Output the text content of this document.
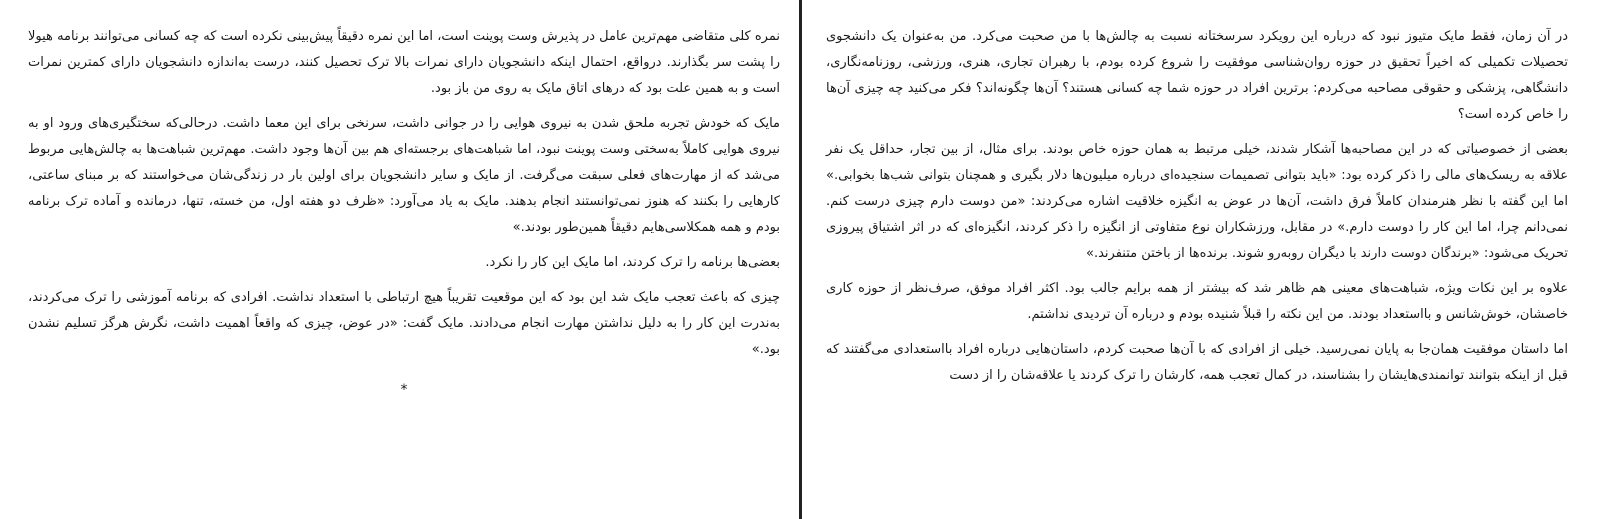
نمره کلی متقاضی مهم‌ترین عامل در پذیرش وست پوینت است، اما این نمره دقیقاً پیش‌بینی نکرده است که چه کسانی می‌توانند برنامه هیولا را پشت سر بگذارند. درواقع، احتمال اینکه دانشجویان دارای نمرات بالا ترک تحصیل کنند، درست به‌اندازه دانشجویان دارای کمترین نمرات است و به همین علت بود که درهای اتاق مایک به روی من باز بود.

مایک که خودش تجربه ملحق شدن به نیروی هوایی را در جوانی داشت، سرنخی برای این معما داشت. درحالی‌که سختگیری‌های ورود او به نیروی هوایی کاملاً به‌سختی وست پوینت نبود، اما شباهت‌های برجسته‌ای هم بین آن‌ها وجود داشت. مهم‌ترین شباهت‌ها به چالش‌هایی مربوط می‌شد که از مهارت‌های فعلی سبقت می‌گرفت. از مایک و سایر دانشجویان برای اولین بار در زندگی‌شان می‌خواستند که بر مبنای ساعتی، کارهایی را بکنند که هنوز نمی‌توانستند انجام بدهند. مایک به یاد می‌آورد: «ظرف دو هفته اول، من خسته، تنها، درمانده و آماده ترک برنامه بودم و همه همکلاسی‌هایم دقیقاً همین‌طور بودند.»

بعضی‌ها برنامه را ترک کردند، اما مایک این کار را نکرد.

چیزی که باعث تعجب مایک شد این بود که این موقعیت تقریباً هیچ ارتباطی با استعداد نداشت. افرادی که برنامه آموزشی را ترک می‌کردند، به‌ندرت این کار را به دلیل نداشتن مهارت انجام می‌دادند. مایک گفت: «در عوض، چیزی که واقعاً اهمیت داشت، نگرش هرگز تسلیم نشدن بود.»

*

در آن زمان، فقط مایک متیوز نبود که درباره این رویکرد سرسختانه نسبت به چالش‌ها با من صحبت می‌کرد. من به‌عنوان یک دانشجوی تحصیلات تکمیلی که اخیراً تحقیق در حوزه روان‌شناسی موفقیت را شروع کرده بودم، با رهبران تجاری، هنری، ورزشی، روزنامه‌نگاری، دانشگاهی، پزشکی و حقوقی مصاحبه می‌کردم: برترین افراد در حوزه شما چه کسانی هستند؟ آن‌ها چگونه‌اند؟ فکر می‌کنید چه چیزی آن‌ها را خاص کرده است؟

بعضی از خصوصیاتی که در این مصاحبه‌ها آشکار شدند، خیلی مرتبط به همان حوزه خاص بودند. برای مثال، از بین تجار، حداقل یک نفر علاقه به ریسک‌های مالی را ذکر کرده بود: «باید بتوانی تصمیمات سنجیده‌ای درباره میلیون‌ها دلار بگیری و همچنان بتوانی شب‌ها بخوابی.» اما این گفته با نظر هنرمندان کاملاً فرق داشت، آن‌ها در عوض به انگیزه خلاقیت اشاره می‌کردند: «من دوست دارم چیزی درست کنم. نمی‌دانم چرا، اما این کار را دوست دارم.» در مقابل، ورزشکاران نوع متفاوتی از انگیزه را ذکر کردند، انگیزه‌ای که در اثر اشتیاق پیروزی تحریک می‌شود: «برندگان دوست دارند با دیگران روبه‌رو شوند. برنده‌ها از باختن متنفرند.»

علاوه بر این نکات ویژه، شباهت‌های معینی هم ظاهر شد که بیشتر از همه برایم جالب بود. اکثر افراد موفق، صرف‌نظر از حوزه کاری خاصشان، خوش‌شانس و بااستعداد بودند. من این نکته را قبلاً شنیده بودم و درباره آن تردیدی نداشتم.

اما داستان موفقیت همان‌جا به پایان نمی‌رسید. خیلی از افرادی که با آن‌ها صحبت کردم، داستان‌هایی درباره افراد بااستعدادی می‌گفتند که قبل از اینکه بتوانند توانمندی‌هایشان را بشناسند، در کمال تعجب همه، کارشان را ترک کردند یا علاقه‌شان را از دست
